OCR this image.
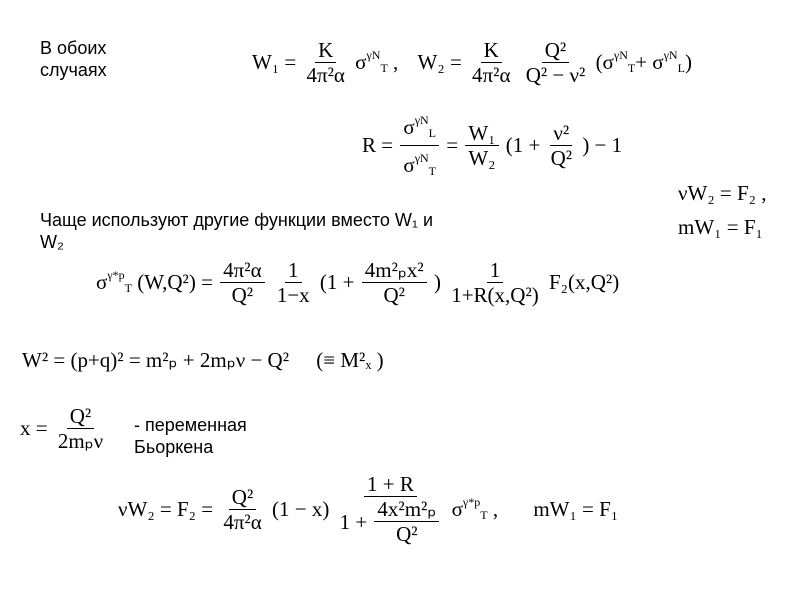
В обоих
случаях	$W_1 = \frac{K}{\text{4π²α}} \sigma^{\gamma N}_T$ , $W_2 = \frac{K}{\text{4π²α}}$
$\frac{\text{Q²}}{\text{Q² − ν²}} (\sigma^{\gamma N}_T+ \sigma^{\gamma N}_L)$
$R = \frac{\sigma^{\gamma N}_L}{\sigma^{\gamma N}_T} = \frac{\text{W₁}}{\text{W₂}} (1 + \frac{\text{ν²}}{\text{Q²}}$ ) − 1
νW₂ = F₂ ,
mW₁ = F₁
Чаще используют другие функции вместо W₁ и
W₂
$\sigma^{\gamma*p}_T$ $(W,Q^2) = \frac{\text{4π²α}}{\text{Q²}}$
$\frac{1}{1-x} (1 + \frac{\text{4m²ₚx²}}{\text{Q²}}$ ) $\frac{1}{\text{1+R(x,Q²)}} F_2(x,Q^2)$
W² = (p+q)² = m²ₚ + 2mₚν − Q² (≡ M²ₓ )
$x = \frac{\text{Q²}}{\text{2mₚν}}$ - переменная
Бьоркена
$\nu W_2 = F_2 = \frac{\text{Q²}}{\text{4π²α}} (1 - x) \frac{1 + R}{1 + \frac{\text{4x²m²ₚ}}{\text{Q²}}} \sigma^{\gamma*p}_T$ , mW₁ = F₁
